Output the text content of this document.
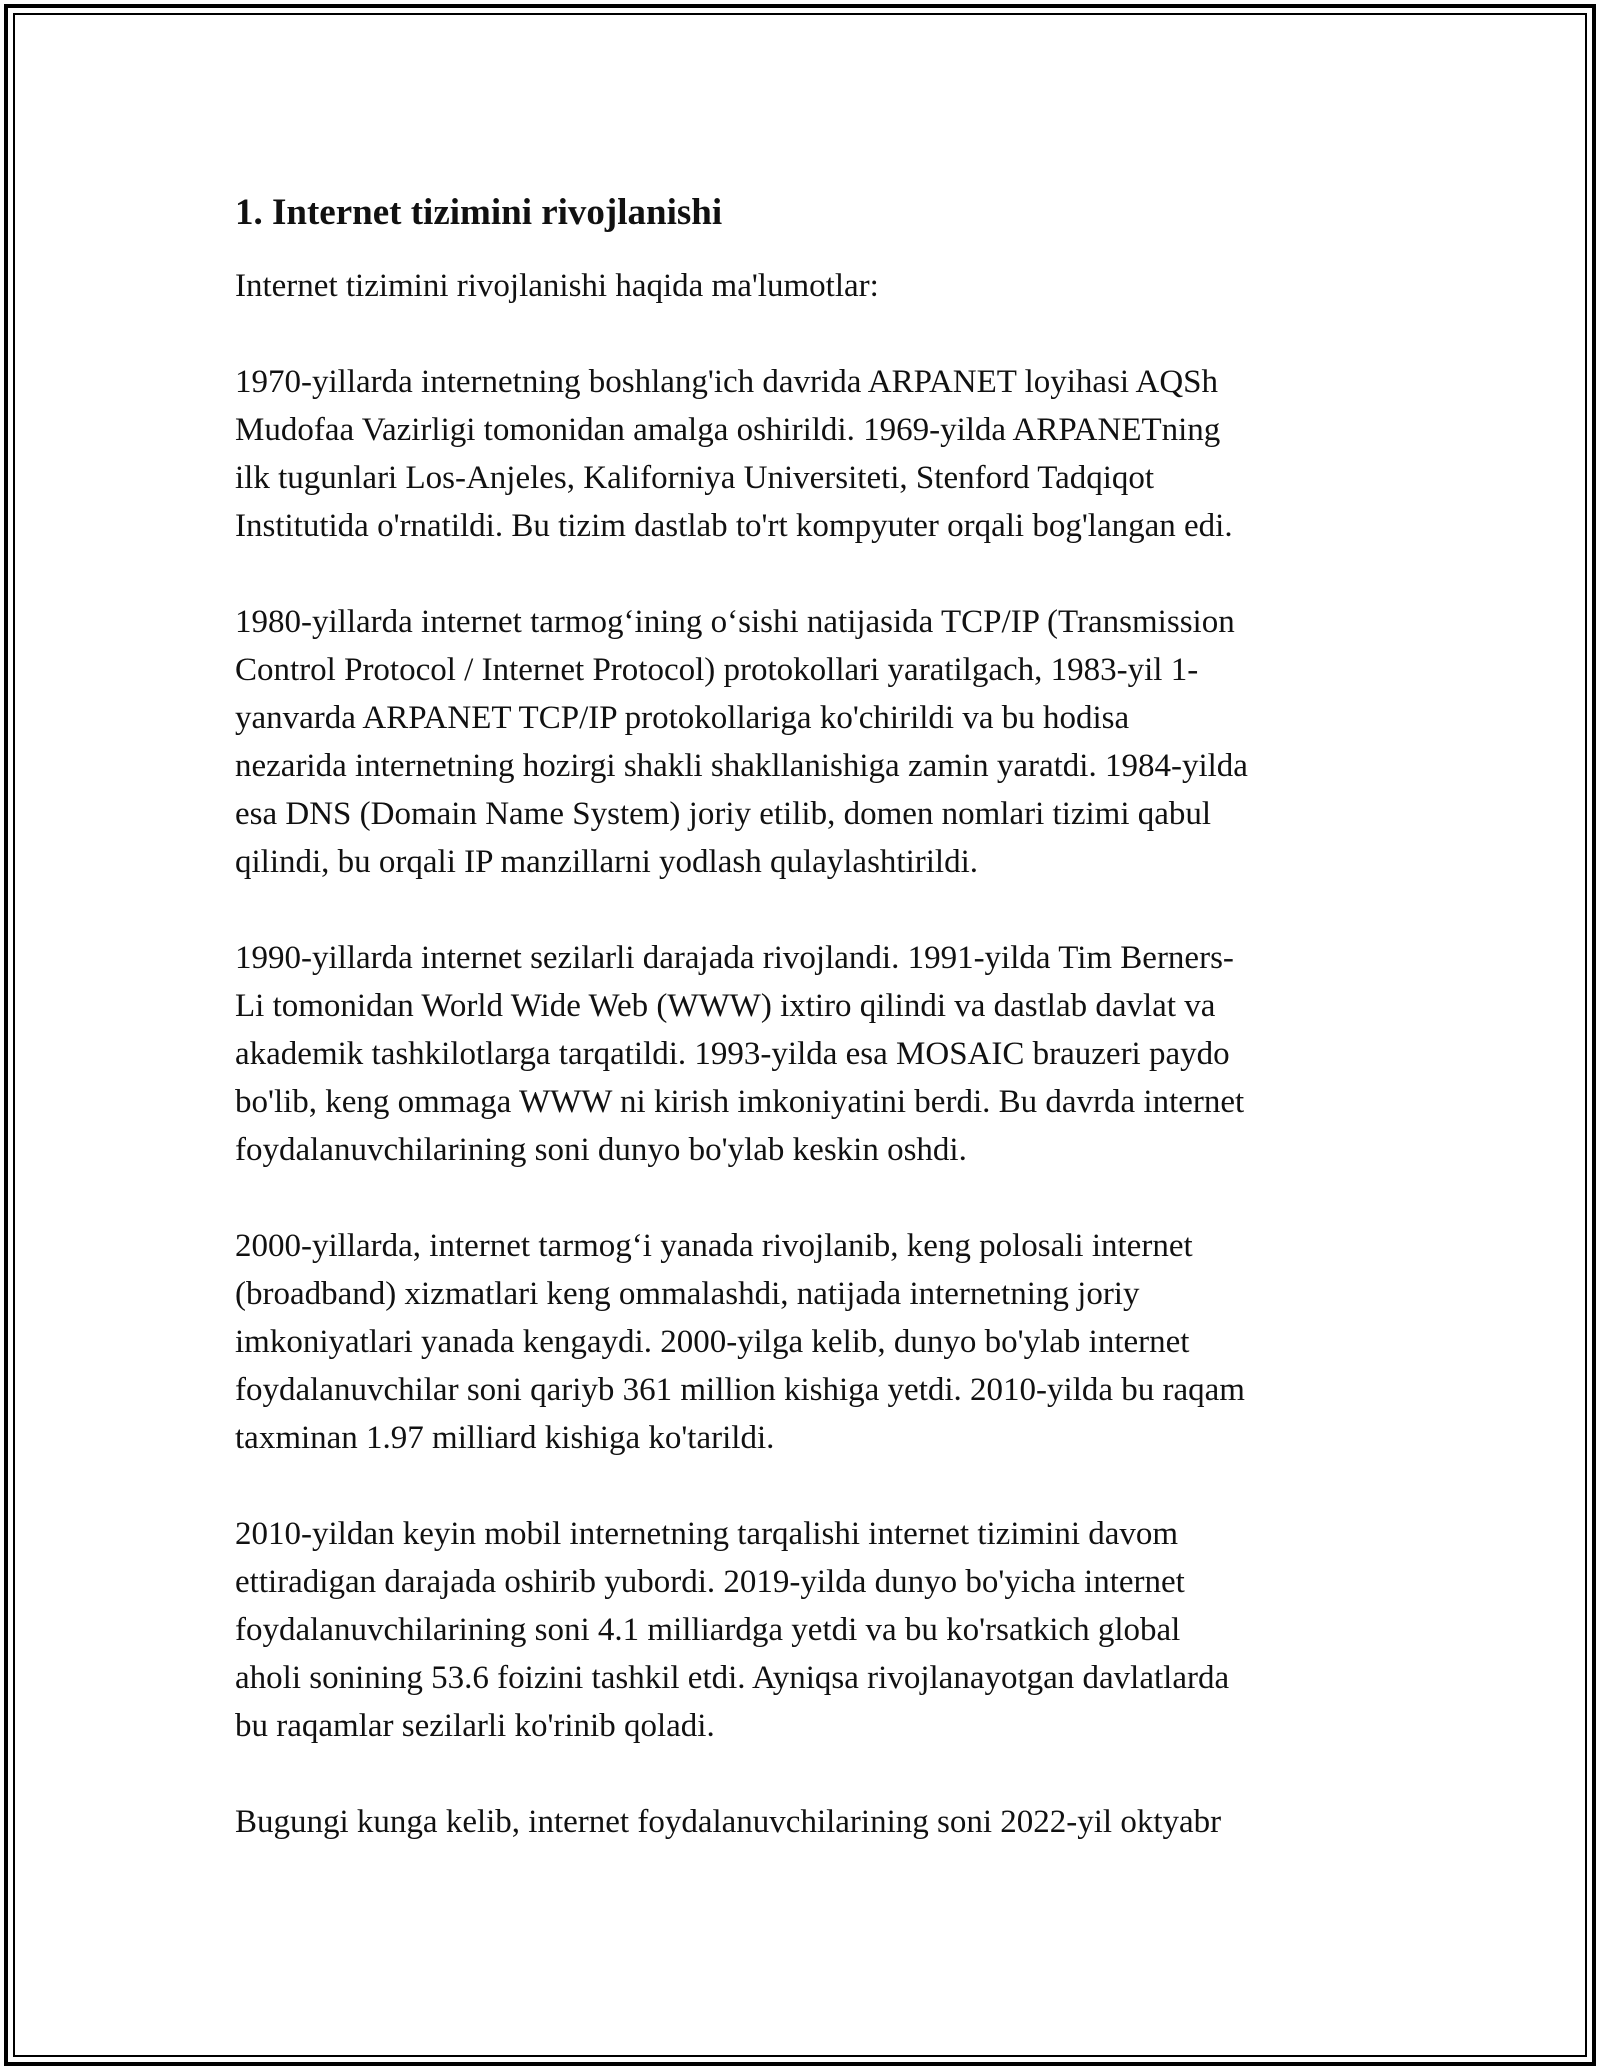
1. Internet tizimini rivojlanishi

Internet tizimini rivojlanishi haqida ma'lumotlar:

1970-yillarda internetning boshlang'ich davrida ARPANET loyihasi AQSh
Mudofaa Vazirligi tomonidan amalga oshirildi. 1969-yilda ARPANETning
ilk tugunlari Los-Anjeles, Kaliforniya Universiteti, Stenford Tadqiqot
Institutida o'rnatildi. Bu tizim dastlab to'rt kompyuter orqali bog'langan edi.
1980-yillarda internet tarmog‘ining o‘sishi natijasida TCP/IP (Transmission
Control Protocol / Internet Protocol) protokollari yaratilgach, 1983-yil 1-
yanvarda ARPANET TCP/IP protokollariga ko'chirildi va bu hodisa
nezarida internetning hozirgi shakli shakllanishiga zamin yaratdi. 1984-yilda
esa DNS (Domain Name System) joriy etilib, domen nomlari tizimi qabul
qilindi, bu orqali IP manzillarni yodlash qulaylashtirildi.
1990-yillarda internet sezilarli darajada rivojlandi. 1991-yilda Tim Berners-
Li tomonidan World Wide Web (WWW) ixtiro qilindi va dastlab davlat va
akademik tashkilotlarga tarqatildi. 1993-yilda esa MOSAIC brauzeri paydo
bo'lib, keng ommaga WWW ni kirish imkoniyatini berdi. Bu davrda internet
foydalanuvchilarining soni dunyo bo'ylab keskin oshdi.
2000-yillarda, internet tarmog‘i yanada rivojlanib, keng polosali internet
(broadband) xizmatlari keng ommalashdi, natijada internetning joriy
imkoniyatlari yanada kengaydi. 2000-yilga kelib, dunyo bo'ylab internet
foydalanuvchilar soni qariyb 361 million kishiga yetdi. 2010-yilda bu raqam
taxminan 1.97 milliard kishiga ko'tarildi.
2010-yildan keyin mobil internetning tarqalishi internet tizimini davom
ettiradigan darajada oshirib yubordi. 2019-yilda dunyo bo'yicha internet
foydalanuvchilarining soni 4.1 milliardga yetdi va bu ko'rsatkich global
aholi sonining 53.6 foizini tashkil etdi. Ayniqsa rivojlanayotgan davlatlarda
bu raqamlar sezilarli ko'rinib qoladi.
Bugungi kunga kelib, internet foydalanuvchilarining soni 2022-yil oktyabr
